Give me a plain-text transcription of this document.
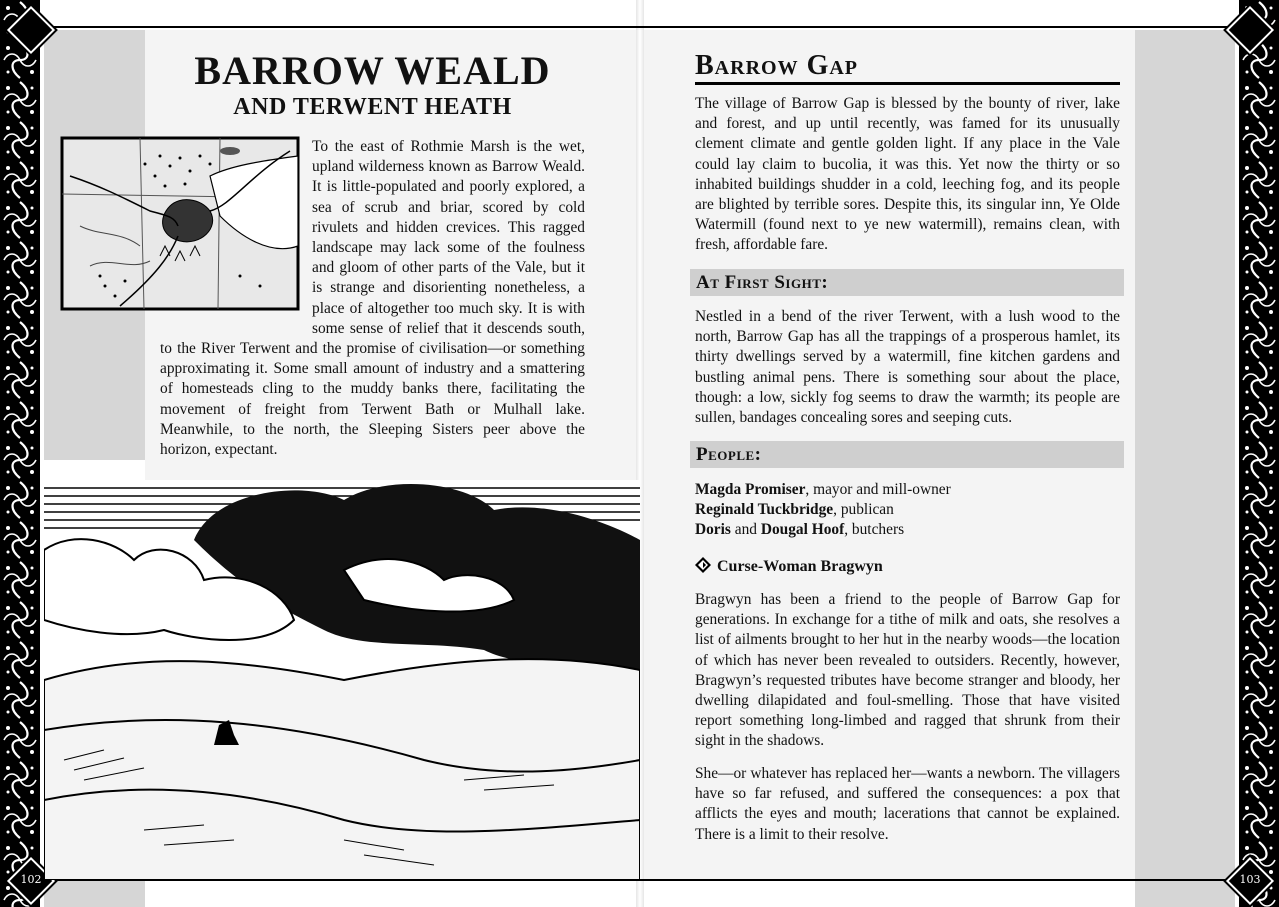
102	103
BARROW WEALD
AND TERWENT HEATH

To the east of Rothmie Marsh is the wet, upland wilderness known as Barrow Weald. It is little-populated and poorly explored, a sea of scrub and briar, scored by cold rivulets and hidden crevices. This ragged landscape may lack some of the foulness and gloom of other parts of the Vale, but it is strange and disorienting nonetheless, a place of altogether too much sky. It is with some sense of relief that it descends south, to the River Terwent and the promise of civilisation—or something approximating it. Some small amount of industry and a smattering of homesteads cling to the muddy banks there, facilitating the movement of freight from Terwent Bath or Mulhall lake. Meanwhile, to the north, the Sleeping Sisters peer above the horizon, expectant.

Barrow Gap

The village of Barrow Gap is blessed by the bounty of river, lake and forest, and up until recently, was famed for its unusually clement climate and gentle golden light. If any place in the Vale could lay claim to bucolia, it was this. Yet now the thirty or so inhabited buildings shudder in a cold, leeching fog, and its people are blighted by terrible sores. Despite this, its singular inn, Ye Olde Watermill (found next to ye new watermill), remains clean, with fresh, affordable fare.

At First Sight:

Nestled in a bend of the river Terwent, with a lush wood to the north, Barrow Gap has all the trappings of a prosperous hamlet, its thirty dwellings served by a watermill, fine kitchen gardens and bustling animal pens. There is something sour about the place, though: a low, sickly fog seems to draw the warmth; its people are sullen, bandages concealing sores and seeping cuts.

People:

Magda Promiser, mayor and mill-owner

Reginald Tuckbridge, publican

Doris and Dougal Hoof, butchers

Curse-Woman Bragwyn

Bragwyn has been a friend to the people of Barrow Gap for generations. In exchange for a tithe of milk and oats, she resolves a list of ailments brought to her hut in the nearby woods—the location of which has never been revealed to outsiders. Recently, however, Bragwyn’s requested tributes have become stranger and bloody, her dwelling dilapidated and foul-smelling. Those that have visited report something long-limbed and ragged that shrunk from their sight in the shadows.

She—or whatever has replaced her—wants a newborn. The villagers have so far refused, and suffered the consequences: a pox that afflicts the eyes and mouth; lacerations that cannot be explained. There is a limit to their resolve.
